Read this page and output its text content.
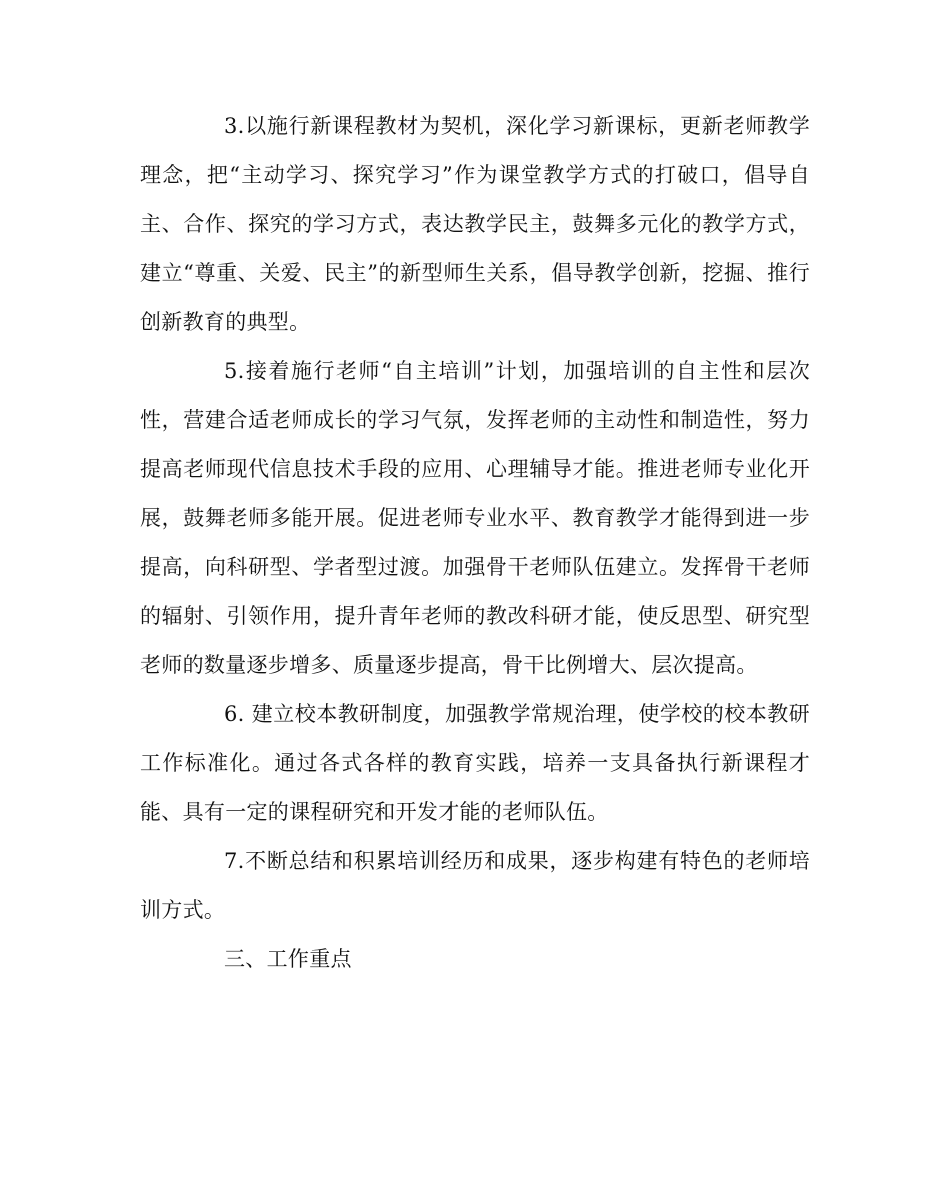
3.以施行新课程教材为契机，深化学习新课标，更新老师教学理念，把“主动学习、探究学习”作为课堂教学方式的打破口，倡导自主、合作、探究的学习方式，表达教学民主，鼓舞多元化的教学方式，建立“尊重、关爱、民主”的新型师生关系，倡导教学创新，挖掘、推行创新教育的典型。

5.接着施行老师“自主培训”计划，加强培训的自主性和层次性，营建合适老师成长的学习气氛，发挥老师的主动性和制造性，努力提高老师现代信息技术手段的应用、心理辅导才能。推进老师专业化开展，鼓舞老师多能开展。促进老师专业水平、教育教学才能得到进一步提高，向科研型、学者型过渡。加强骨干老师队伍建立。发挥骨干老师的辐射、引领作用，提升青年老师的教改科研才能，使反思型、研究型老师的数量逐步增多、质量逐步提高，骨干比例增大、层次提高。

6. 建立校本教研制度，加强教学常规治理，使学校的校本教研工作标准化。通过各式各样的教育实践，培养一支具备执行新课程才能、具有一定的课程研究和开发才能的老师队伍。

7.不断总结和积累培训经历和成果，逐步构建有特色的老师培训方式。

三、工作重点
